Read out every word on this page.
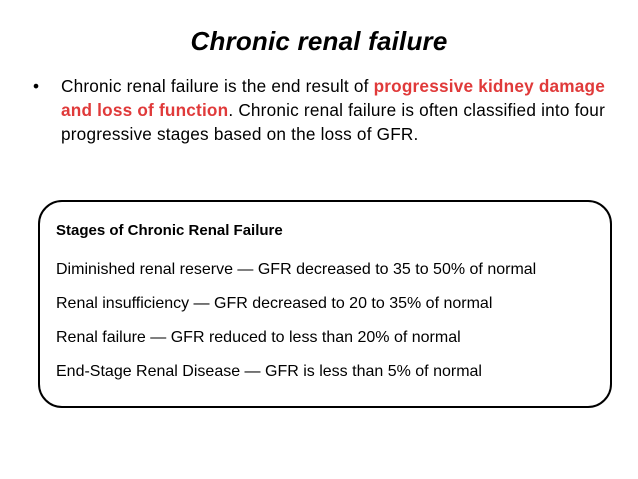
Chronic renal failure
•	Chronic renal failure is the end result of progressive kidney damage and loss of function. Chronic renal failure is often classified into four progressive stages based on the loss of GFR.
Stages of Chronic Renal Failure
Diminished renal reserve — GFR decreased to 35 to 50% of normal
Renal insufficiency — GFR decreased to 20 to 35% of normal
Renal failure — GFR reduced to less than 20% of normal
End-Stage Renal Disease — GFR is less than 5% of normal
